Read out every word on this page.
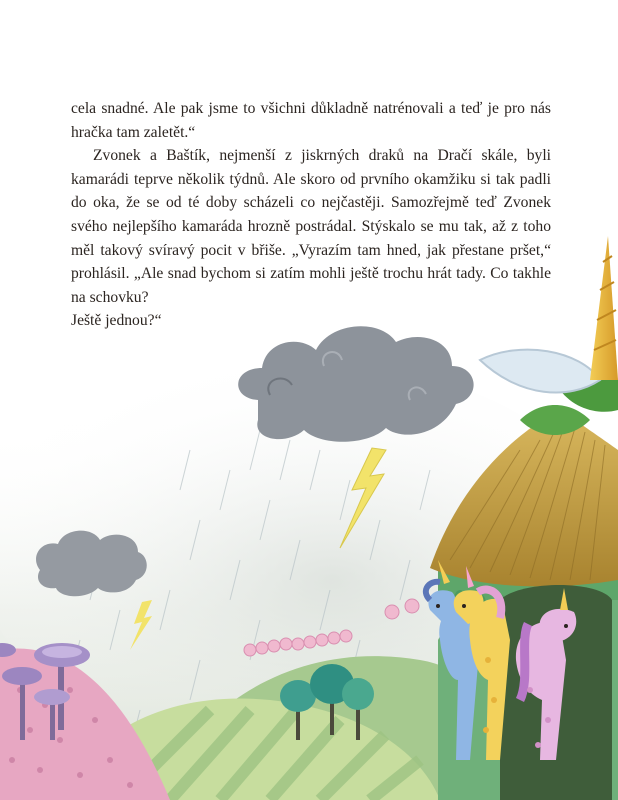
cela snadné. Ale pak jsme to všichni důkladně natrénovali a teď je pro nás hračka tam zaletět.“

Zvonek a Baštík, nejmenší z jiskrných draků na Dračí skále, byli kamarádi teprve několik týdnů. Ale skoro od prvního okamžiku si tak padli do oka, že se od té doby scházeli co nejčastěji. Samozřejmě teď Zvonek svého nejlepšího kamaráda hrozně postrádal. Stýskalo se mu tak, až z toho měl takový svíravý pocit v břiše. „Vyrazím tam hned, jak přestane pršet,“ prohlásil. „Ale snad bychom si zatím mohli ještě trochu hrát tady. Co takhle na schovku?

Ještě jednou?“
